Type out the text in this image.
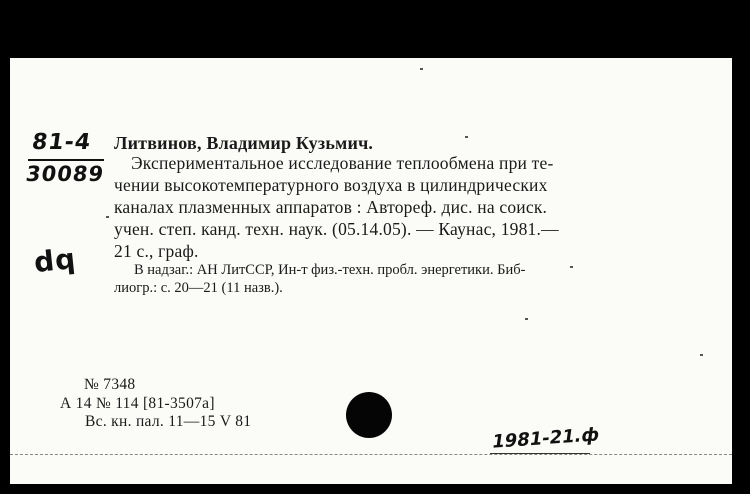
81-4
30089
dq
Литвинов, Владимир Кузьмич.
Экспериментальное исследование теплообмена при те-
чении высокотемпературного воздуха в цилиндрических
каналах плазменных аппаратов : Автореф. дис. на соиск.
учен. степ. канд. техн. наук. (05.14.05). — Каунас, 1981.—
21 с., граф.
В надзаг.: АН ЛитССР, Ин-т физ.-техн. пробл. энергетики. Биб-
лиогр.: с. 20—21 (11 назв.).
№ 7348
А 14 № 114 [81-3507а]
Вс. кн. пал. 11—15 V 81
1981-21.ф
